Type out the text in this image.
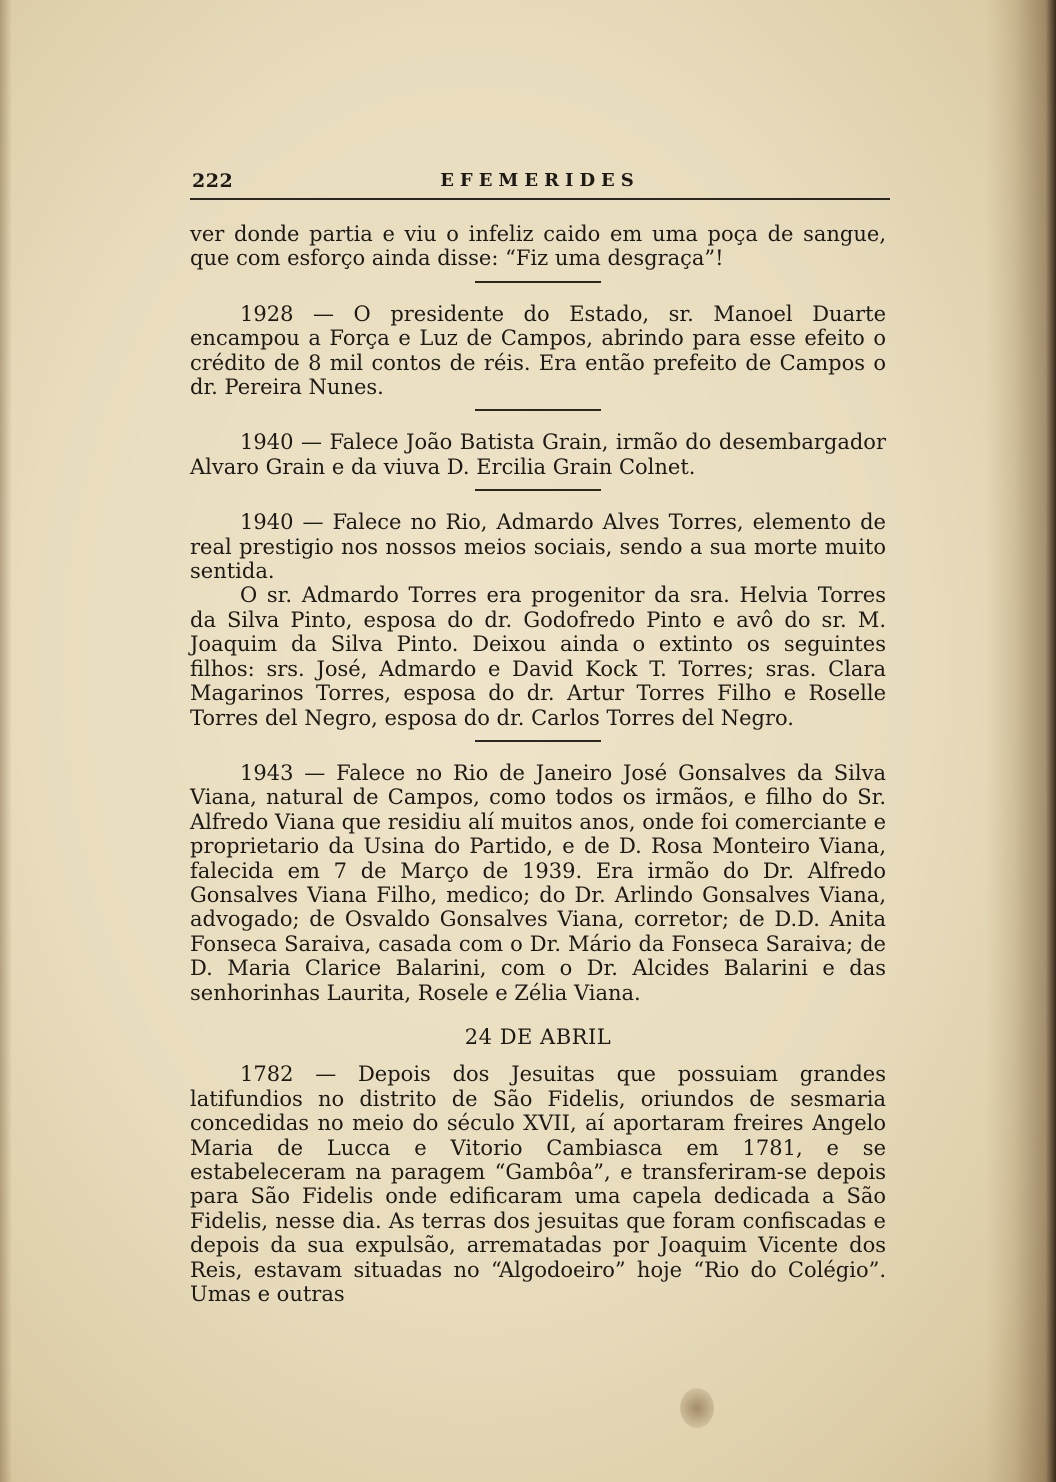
222	EFEMERIDES

ver donde partia e viu o infeliz caido em uma poça de sangue, que com esforço ainda disse: “Fiz uma desgraça”!

1928 — O presidente do Estado, sr. Manoel Duarte encampou a Força e Luz de Campos, abrindo para esse efeito o crédito de 8 mil contos de réis. Era então prefeito de Campos o dr. Pereira Nunes.

1940 — Falece João Batista Grain, irmão do desembargador Alvaro Grain e da viuva D. Ercilia Grain Colnet.

1940 — Falece no Rio, Admardo Alves Torres, elemento de real prestigio nos nossos meios sociais, sendo a sua morte muito sentida.

O sr. Admardo Torres era progenitor da sra. Helvia Torres da Silva Pinto, esposa do dr. Godofredo Pinto e avô do sr. M. Joaquim da Silva Pinto. Deixou ainda o extinto os seguintes filhos: srs. José, Admardo e David Kock T. Torres; sras. Clara Magarinos Torres, esposa do dr. Artur Torres Filho e Roselle Torres del Negro, esposa do dr. Carlos Torres del Negro.

1943 — Falece no Rio de Janeiro José Gonsalves da Silva Viana, natural de Campos, como todos os irmãos, e filho do Sr. Alfredo Viana que residiu alí muitos anos, onde foi comerciante e proprietario da Usina do Partido, e de D. Rosa Monteiro Viana, falecida em 7 de Março de 1939. Era irmão do Dr. Alfredo Gonsalves Viana Filho, medico; do Dr. Arlindo Gonsalves Viana, advogado; de Osvaldo Gonsalves Viana, corretor; de D.D. Anita Fonseca Saraiva, casada com o Dr. Mário da Fonseca Saraiva; de D. Maria Clarice Balarini, com o Dr. Alcides Balarini e das senhorinhas Laurita, Rosele e Zélia Viana.

24 DE ABRIL

1782 — Depois dos Jesuitas que possuiam grandes latifundios no distrito de São Fidelis, oriundos de sesmaria concedidas no meio do século XVII, aí aportaram freires Angelo Maria de Lucca e Vitorio Cambiasca em 1781, e se estabeleceram na paragem “Gambôa”, e transferiram-se depois para São Fidelis onde edificaram uma capela dedicada a São Fidelis, nesse dia. As terras dos jesuitas que foram confiscadas e depois da sua expulsão, arrematadas por Joaquim Vicente dos Reis, estavam situadas no “Algodoeiro” hoje “Rio do Colégio”. Umas e outras
